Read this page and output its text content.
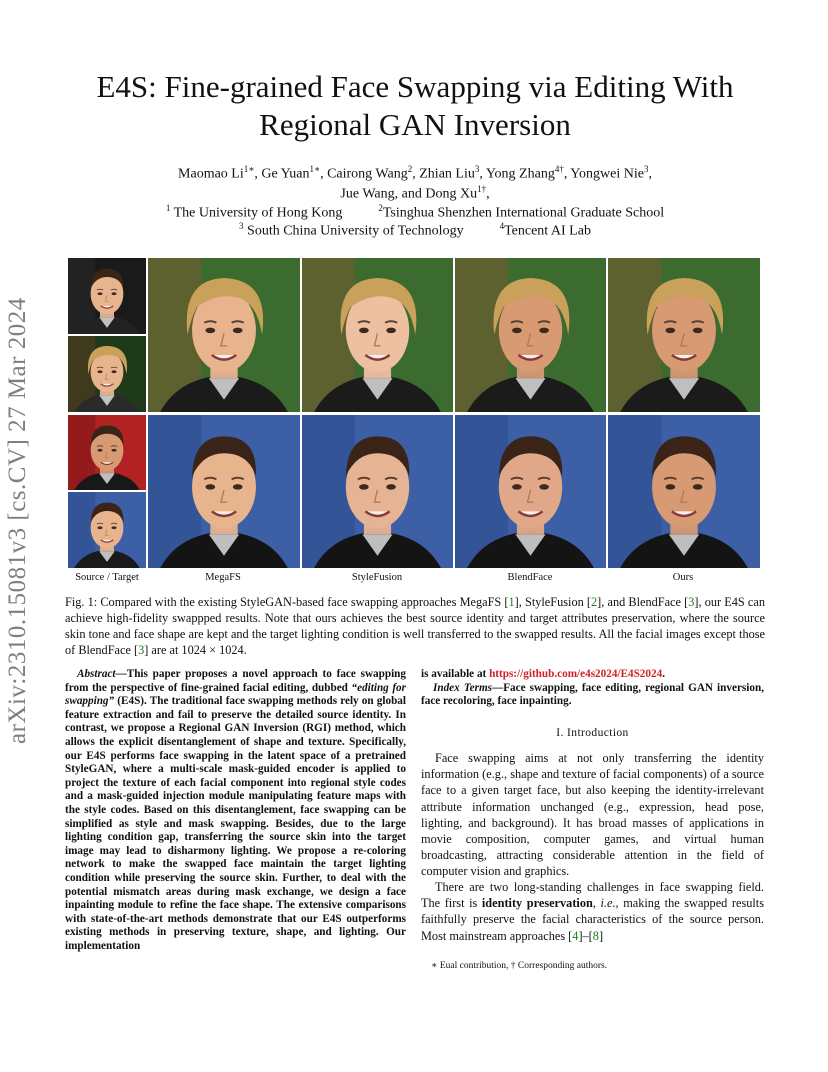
arXiv:2310.15081v3 [cs.CV] 27 Mar 2024
E4S: Fine-grained Face Swapping via Editing With
Regional GAN Inversion
Maomao $Li^{1∗}$, Ge Yuan$^{1∗}$, Cairong Wang$^2$, Zhian Liu$^3$, Yong Zhang$^{4\dagger}$, Yongwei Nie$^3$,
Jue Wang, and Dong $Xu^{1\dagger}$,
$^1$ The University of Hong Kong	$^2$Tsinghua Shenzhen International Graduate School
$^3$ South China University of Technology	$^4$Tencent AI Lab
Source / Target	MegaFS	StyleFusion	BlendFace	Ours
Fig. 1: Compared with the existing StyleGAN-based face swapping approaches MegaFS [1], StyleFusion [2], and BlendFace [3], our E4S can achieve high-fidelity swappped results. Note that ours achieves the best source identity and target attributes preservation, where the source skin tone and face shape are kept and the target lighting condition is well transferred to the swapped results. All the facial images except those of BlendFace [3] are at 1024 × 1024.
Abstract—This paper proposes a novel approach to face swapping from the perspective of fine-grained facial editing, dubbed “editing for swapping” (E4S). The traditional face swapping methods rely on global feature extraction and fail to preserve the detailed source identity. In contrast, we propose a Regional GAN Inversion (RGI) method, which allows the explicit disentanglement of shape and texture. Specifically, our E4S performs face swapping in the latent space of a pretrained StyleGAN, where a multi-scale mask-guided encoder is applied to project the texture of each facial component into regional style codes and a mask-guided injection module manipulating feature maps with the style codes. Based on this disentanglement, face swapping can be simplified as style and mask swapping. Besides, due to the large lighting condition gap, transferring the source skin into the target image may lead to disharmony lighting. We propose a re-coloring network to make the swapped face maintain the target lighting condition while preserving the source skin. Further, to deal with the potential mismatch areas during mask exchange, we design a face inpainting module to refine the face shape. The extensive comparisons with state-of-the-art methods demonstrate that our E4S outperforms existing methods in preserving texture, shape, and lighting. Our implementation
is available at https://github.com/e4s2024/E4S2024.
Index Terms—Face swapping, face editing, regional GAN inversion, face recoloring, face inpainting.
I. Introduction
Face swapping aims at not only transferring the identity information (e.g., shape and texture of facial components) of a source face to a given target face, but also keeping the identity-irrelevant attribute information unchanged (e.g., expression, head pose, lighting, and background). It has broad masses of applications in movie composition, computer games, and virtual human broadcasting, attracting considerable attention in the field of computer vision and graphics.
There are two long-standing challenges in face swapping field. The first is identity preservation, i.e., making the swapped results faithfully preserve the facial characteristics of the source person. Most mainstream approaches [4]–[8]
∗ Eual contribution, † Corresponding authors.
